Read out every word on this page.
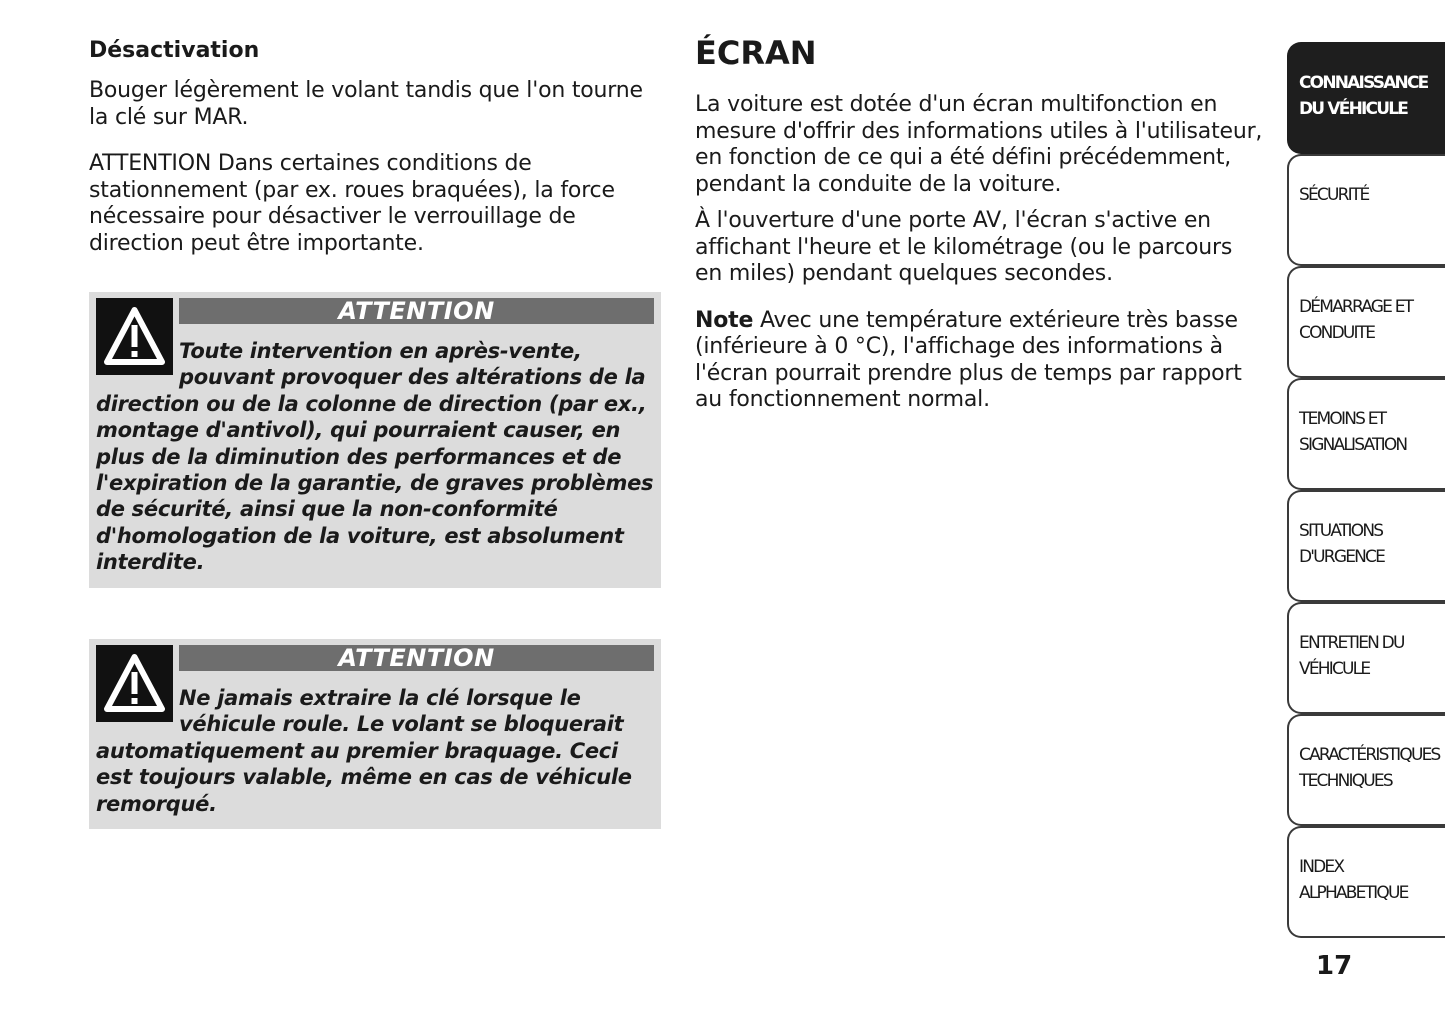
Désactivation
Bouger légèrement le volant tandis que l'on tourne la clé sur MAR.
ATTENTION Dans certaines conditions de stationnement (par ex. roues braquées), la force nécessaire pour désactiver le verrouillage de direction peut être importante.
ATTENTION
Toute intervention en après-vente, pouvant provoquer des altérations de la direction ou de la colonne de direction (par ex., montage d'antivol), qui pourraient causer, en plus de la diminution des performances et de l'expiration de la garantie, de graves problèmes de sécurité, ainsi que la non-conformité d'homologation de la voiture, est absolument interdite.
ATTENTION
Ne jamais extraire la clé lorsque le véhicule roule. Le volant se bloquerait automatiquement au premier braquage. Ceci est toujours valable, même en cas de véhicule remorqué.
ÉCRAN
La voiture est dotée d'un écran multifonction en mesure d'offrir des informations utiles à l'utilisateur, en fonction de ce qui a été défini précédemment, pendant la conduite de la voiture.
À l'ouverture d'une porte AV, l'écran s'active en affichant l'heure et le kilométrage (ou le parcours en miles) pendant quelques secondes.
Note Avec une température extérieure très basse (inférieure à 0 °C), l'affichage des informations à l'écran pourrait prendre plus de temps par rapport au fonctionnement normal.
CONNAISSANCE
DU VÉHICULE
SÉCURITÉ
DÉMARRAGE ET
CONDUITE
TEMOINS ET
SIGNALISATION
SITUATIONS
D'URGENCE
ENTRETIEN DU
VÉHICULE
CARACTÉRISTIQUES
TECHNIQUES
INDEX
ALPHABETIQUE
17
